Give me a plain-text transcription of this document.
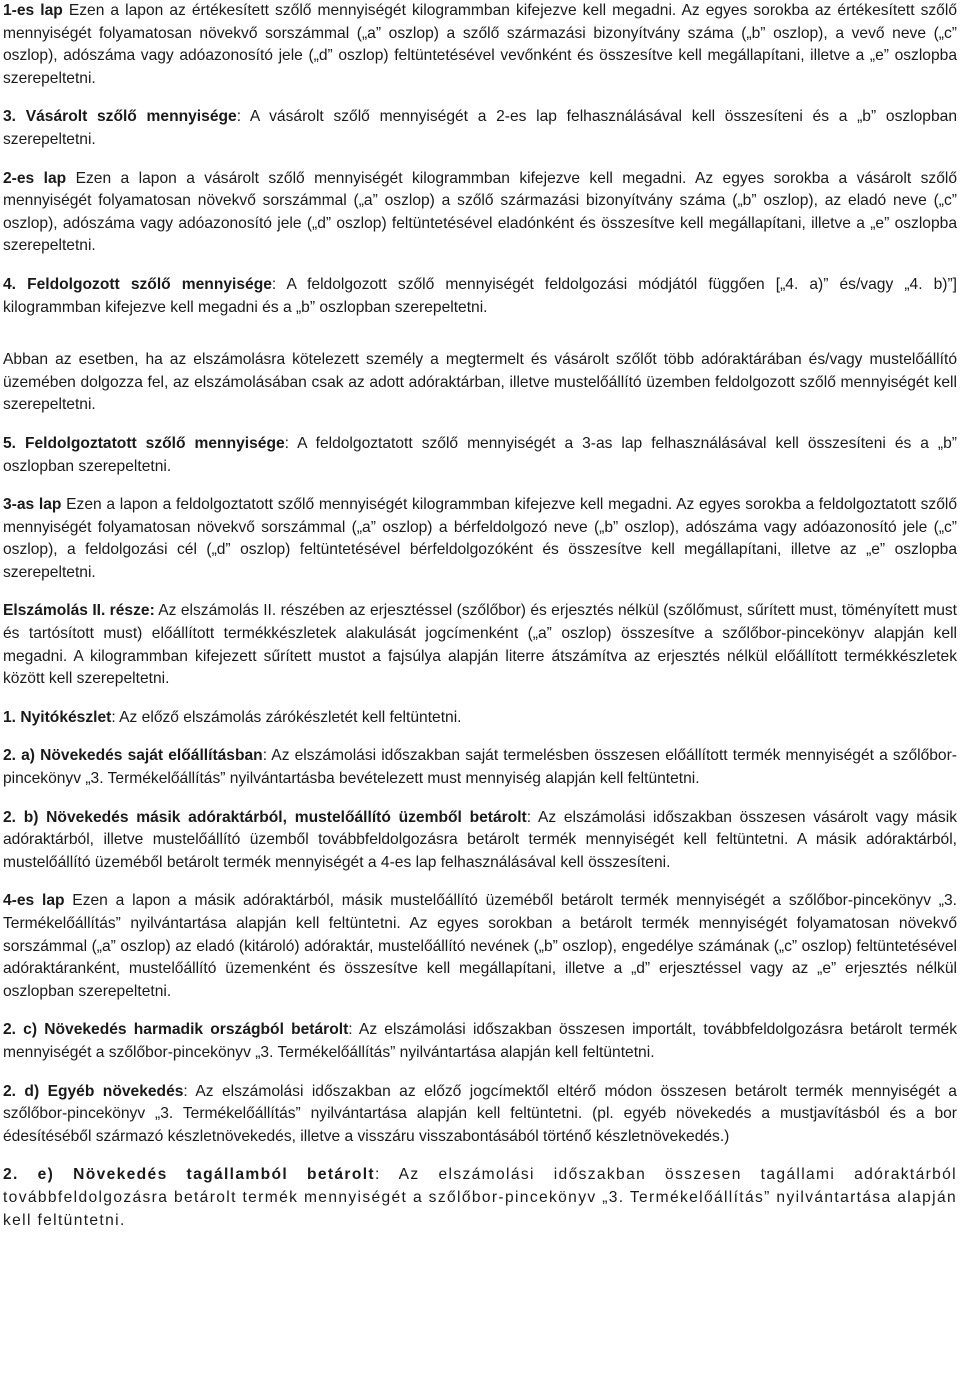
1-es lap Ezen a lapon az értékesített szőlő mennyiségét kilogrammban kifejezve kell megadni. Az egyes sorokba az értékesített szőlő mennyiségét folyamatosan növekvő sorszámmal („a” oszlop) a szőlő származási bizonyítvány száma („b” oszlop), a vevő neve („c” oszlop), adószáma vagy adóazonosító jele („d” oszlop) feltüntetésével vevőnként és összesítve kell megállapítani, illetve a „e” oszlopba szerepeltetni.

3. Vásárolt szőlő mennyisége: A vásárolt szőlő mennyiségét a 2-es lap felhasználásával kell összesíteni és a „b” oszlopban szerepeltetni.

2-es lap Ezen a lapon a vásárolt szőlő mennyiségét kilogrammban kifejezve kell megadni. Az egyes sorokba a vásárolt szőlő mennyiségét folyamatosan növekvő sorszámmal („a” oszlop) a szőlő származási bizonyítvány száma („b” oszlop), az eladó neve („c” oszlop), adószáma vagy adóazonosító jele („d” oszlop) feltüntetésével eladónként és összesítve kell megállapítani, illetve a „e” oszlopba szerepeltetni.

4. Feldolgozott szőlő mennyisége: A feldolgozott szőlő mennyiségét feldolgozási módjától függően [„4. a)” és/vagy „4. b)”] kilogrammban kifejezve kell megadni és a „b” oszlopban szerepeltetni.

Abban az esetben, ha az elszámolásra kötelezett személy a megtermelt és vásárolt szőlőt több adóraktárában és/vagy mustelőállító üzemében dolgozza fel, az elszámolásában csak az adott adóraktárban, illetve mustelőállító üzemben feldolgozott szőlő mennyiségét kell szerepeltetni.

5. Feldolgoztatott szőlő mennyisége: A feldolgoztatott szőlő mennyiségét a 3-as lap felhasználásával kell összesíteni és a „b” oszlopban szerepeltetni.

3-as lap Ezen a lapon a feldolgoztatott szőlő mennyiségét kilogrammban kifejezve kell megadni. Az egyes sorokba a feldolgoztatott szőlő mennyiségét folyamatosan növekvő sorszámmal („a” oszlop) a bérfeldolgozó neve („b” oszlop), adószáma vagy adóazonosító jele („c” oszlop), a feldolgozási cél („d” oszlop) feltüntetésével bérfeldolgozóként és összesítve kell megállapítani, illetve az „e” oszlopba szerepeltetni.

Elszámolás II. része: Az elszámolás II. részében az erjesztéssel (szőlőbor) és erjesztés nélkül (szőlőmust, sűrített must, töményített must és tartósított must) előállított termékkészletek alakulását jogcímenként („a” oszlop) összesítve a szőlőbor-pincekönyv alapján kell megadni. A kilogrammban kifejezett sűrített mustot a fajsúlya alapján literre átszámítva az erjesztés nélkül előállított termékkészletek között kell szerepeltetni.

1. Nyitókészlet: Az előző elszámolás zárókészletét kell feltüntetni.

2. a) Növekedés saját előállításban: Az elszámolási időszakban saját termelésben összesen előállított termék mennyiségét a szőlőbor-pincekönyv „3. Termékelőállítás” nyilvántartásba bevételezett must mennyiség alapján kell feltüntetni.

2. b) Növekedés másik adóraktárból, mustelőállító üzemből betárolt: Az elszámolási időszakban összesen vásárolt vagy másik adóraktárból, illetve mustelőállító üzemből továbbfeldolgozásra betárolt termék mennyiségét kell feltüntetni. A másik adóraktárból, mustelőállító üzeméből betárolt termék mennyiségét a 4-es lap felhasználásával kell összesíteni.

4-es lap Ezen a lapon a másik adóraktárból, másik mustelőállító üzeméből betárolt termék mennyiségét a szőlőbor-pincekönyv „3. Termékelőállítás” nyilvántartása alapján kell feltüntetni. Az egyes sorokban a betárolt termék mennyiségét folyamatosan növekvő sorszámmal („a” oszlop) az eladó (kitároló) adóraktár, mustelőállító nevének („b” oszlop), engedélye számának („c” oszlop) feltüntetésével adóraktáranként, mustelőállító üzemenként és összesítve kell megállapítani, illetve a „d” erjesztéssel vagy az „e” erjesztés nélkül oszlopban szerepeltetni.

2. c) Növekedés harmadik országból betárolt: Az elszámolási időszakban összesen importált, továbbfeldolgozásra betárolt termék mennyiségét a szőlőbor-pincekönyv „3. Termékelőállítás” nyilvántartása alapján kell feltüntetni.

2. d) Egyéb növekedés: Az elszámolási időszakban az előző jogcímektől eltérő módon összesen betárolt termék mennyiségét a szőlőbor-pincekönyv „3. Termékelőállítás” nyilvántartása alapján kell feltüntetni. (pl. egyéb növekedés a mustjavításból és a bor édesítéséből származó készletnövekedés, illetve a visszáru visszabontásából történő készletnövekedés.)

2. e) Növekedés tagállamból betárolt: Az elszámolási időszakban összesen tagállami adóraktárból továbbfeldolgozásra betárolt termék mennyiségét a szőlőbor-pincekönyv „3. Termékelőállítás” nyilvántartása alapján kell feltüntetni.
